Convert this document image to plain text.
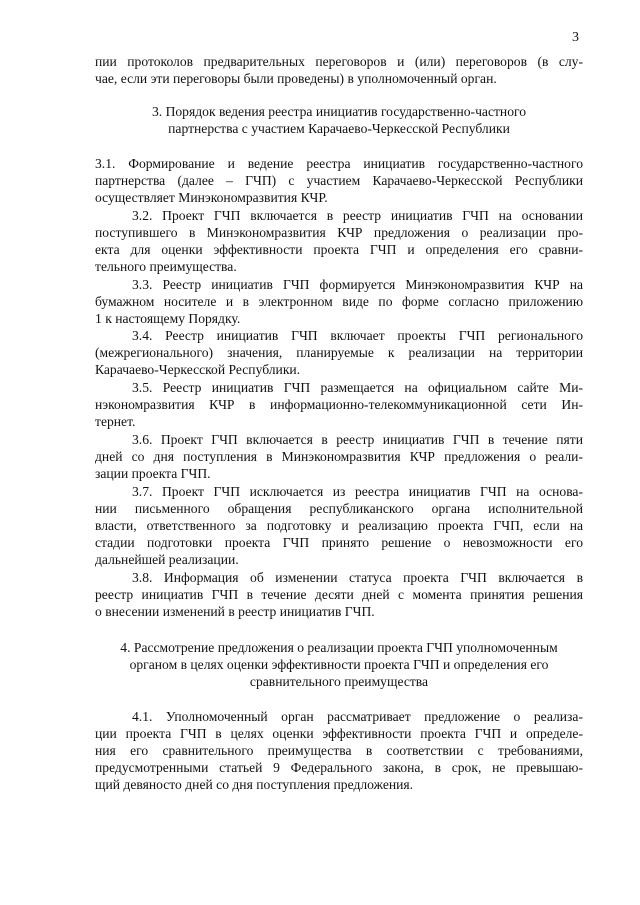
3
пии протоколов предварительных переговоров и (или) переговоров (в слу-
чае, если эти переговоры были проведены) в уполномоченный орган.
3. Порядок ведения реестра инициатив государственно-частного
партнерства с участием Карачаево-Черкесской Республики
3.1. Формирование и ведение реестра инициатив государственно-частного
партнерства (далее – ГЧП) с участием Карачаево-Черкесской Республики
осуществляет Минэкономразвития КЧР.
3.2. Проект ГЧП включается в реестр инициатив ГЧП на основании
поступившего в Минэкономразвития КЧР предложения о реализации про-
екта для оценки эффективности проекта ГЧП и определения его сравни-
тельного преимущества.
3.3. Реестр инициатив ГЧП формируется Минэкономразвития КЧР на
бумажном носителе и в электронном виде по форме согласно приложению
1 к настоящему Порядку.
3.4. Реестр инициатив ГЧП включает проекты ГЧП регионального
(межрегионального) значения, планируемые к реализации на территории
Карачаево-Черкесской Республики.
3.5. Реестр инициатив ГЧП размещается на официальном сайте Ми-
нэкономразвития КЧР в информационно-телекоммуникационной сети Ин-
тернет.
3.6. Проект ГЧП включается в реестр инициатив ГЧП в течение пяти
дней со дня поступления в Минэкономразвития КЧР предложения о реали-
зации проекта ГЧП.
3.7. Проект ГЧП исключается из реестра инициатив ГЧП на основа-
нии письменного обращения республиканского органа исполнительной
власти, ответственного за подготовку и реализацию проекта ГЧП, если на
стадии подготовки проекта ГЧП принято решение о невозможности его
дальнейшей реализации.
3.8. Информация об изменении статуса проекта ГЧП включается в
реестр инициатив ГЧП в течение десяти дней с момента принятия решения
о внесении изменений в реестр инициатив ГЧП.
4. Рассмотрение предложения о реализации проекта ГЧП уполномоченным
органом в целях оценки эффективности проекта ГЧП и определения его
сравнительного преимущества
4.1. Уполномоченный орган рассматривает предложение о реализа-
ции проекта ГЧП в целях оценки эффективности проекта ГЧП и определе-
ния его сравнительного преимущества в соответствии с требованиями,
предусмотренными статьей 9 Федерального закона, в срок, не превышаю-
щий девяносто дней со дня поступления предложения.
